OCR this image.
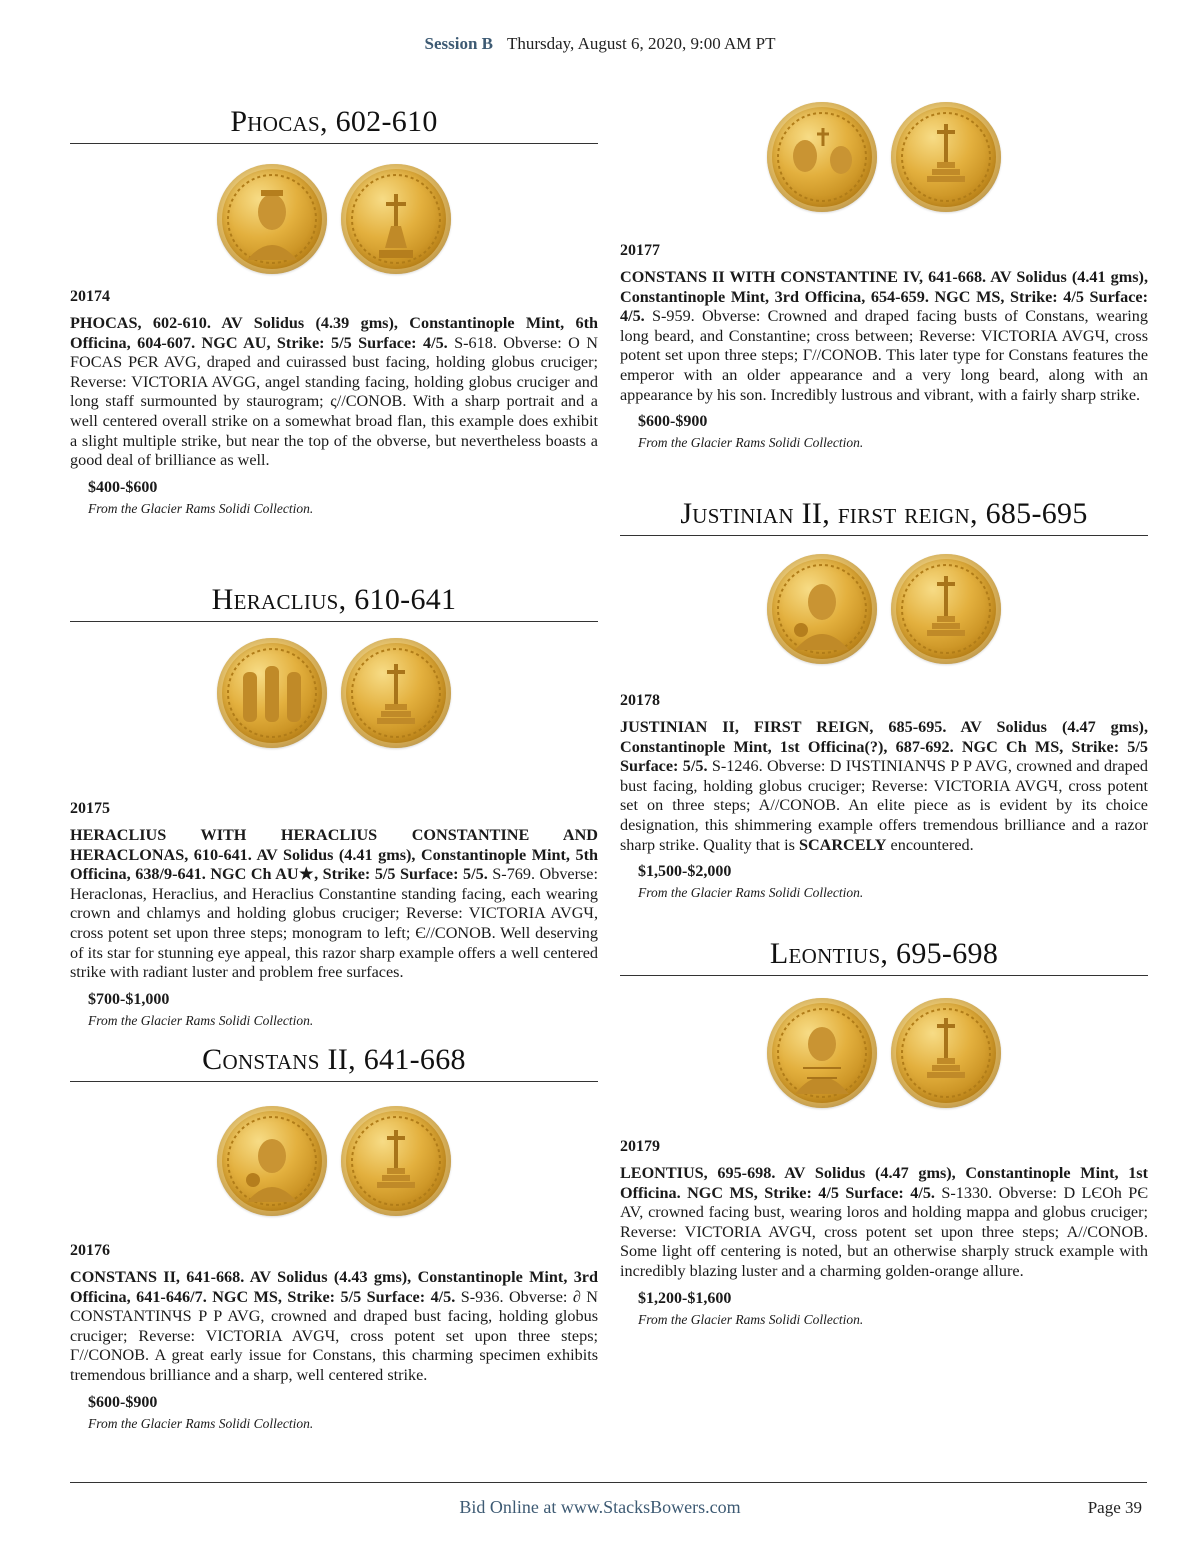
Session B Thursday, August 6, 2020, 9:00 AM PT
Phocas, 602-610
20174
PHOCAS, 602-610. AV Solidus (4.39 gms), Constantinople Mint, 6th Officina, 604-607. NGC AU, Strike: 5/5 Surface: 4/5. S-618. Obverse: O N FOCAS PЄR AVG, draped and cuirassed bust facing, holding globus cruciger; Reverse: VICTORIA AVGG, angel standing facing, holding globus cruciger and long staff surmounted by staurogram; ς//CONOB. With a sharp portrait and a well centered overall strike on a somewhat broad flan, this example does exhibit a slight multiple strike, but near the top of the obverse, but nevertheless boasts a good deal of brilliance as well.
$400-$600
From the Glacier Rams Solidi Collection.
Heraclius, 610-641
20175
HERACLIUS WITH HERACLIUS CONSTANTINE AND HERACLONAS, 610-641. AV Solidus (4.41 gms), Constantinople Mint, 5th Officina, 638/9-641. NGC Ch AU★, Strike: 5/5 Surface: 5/5. S-769. Obverse: Heraclonas, Heraclius, and Heraclius Constantine standing facing, each wearing crown and chlamys and holding globus cruciger; Reverse: VICTORIA AVGЧ, cross potent set upon three steps; monogram to left; Є//CONOB. Well deserving of its star for stunning eye appeal, this razor sharp example offers a well centered strike with radiant luster and problem free surfaces.
$700-$1,000
From the Glacier Rams Solidi Collection.
Constans II, 641-668
20176
CONSTANS II, 641-668. AV Solidus (4.43 gms), Constantinople Mint, 3rd Officina, 641-646/7. NGC MS, Strike: 5/5 Surface: 4/5. S-936. Obverse: ∂ N CONSTANTINЧS P P AVG, crowned and draped bust facing, holding globus cruciger; Reverse: VICTORIA AVGЧ, cross potent set upon three steps; Γ//CONOB. A great early issue for Constans, this charming specimen exhibits tremendous brilliance and a sharp, well centered strike.
$600-$900
From the Glacier Rams Solidi Collection.
20177
CONSTANS II WITH CONSTANTINE IV, 641-668. AV Solidus (4.41 gms), Constantinople Mint, 3rd Officina, 654-659. NGC MS, Strike: 4/5 Surface: 4/5. S-959. Obverse: Crowned and draped facing busts of Constans, wearing long beard, and Constantine; cross between; Reverse: VICTORIA AVGЧ, cross potent set upon three steps; Γ//CONOB. This later type for Constans features the emperor with an older appearance and a very long beard, along with an appearance by his son. Incredibly lustrous and vibrant, with a fairly sharp strike.
$600-$900
From the Glacier Rams Solidi Collection.
Justinian II, first reign, 685-695
20178
JUSTINIAN II, FIRST REIGN, 685-695. AV Solidus (4.47 gms), Constantinople Mint, 1st Officina(?), 687-692. NGC Ch MS, Strike: 5/5 Surface: 5/5. S-1246. Obverse: D IЧSTINIANЧS P P AVG, crowned and draped bust facing, holding globus cruciger; Reverse: VICTORIA AVGЧ, cross potent set on three steps; A//CONOB. An elite piece as is evident by its choice designation, this shimmering example offers tremendous brilliance and a razor sharp strike. Quality that is SCARCELY encountered.
$1,500-$2,000
From the Glacier Rams Solidi Collection.
Leontius, 695-698
20179
LEONTIUS, 695-698. AV Solidus (4.47 gms), Constantinople Mint, 1st Officina. NGC MS, Strike: 4/5 Surface: 4/5. S-1330. Obverse: D LЄOh PЄ AV, crowned facing bust, wearing loros and holding mappa and globus cruciger; Reverse: VICTORIA AVGЧ, cross potent set upon three steps; A//CONOB. Some light off centering is noted, but an otherwise sharply struck example with incredibly blazing luster and a charming golden-orange allure.
$1,200-$1,600
From the Glacier Rams Solidi Collection.
Bid Online at www.StacksBowers.com	Page 39
